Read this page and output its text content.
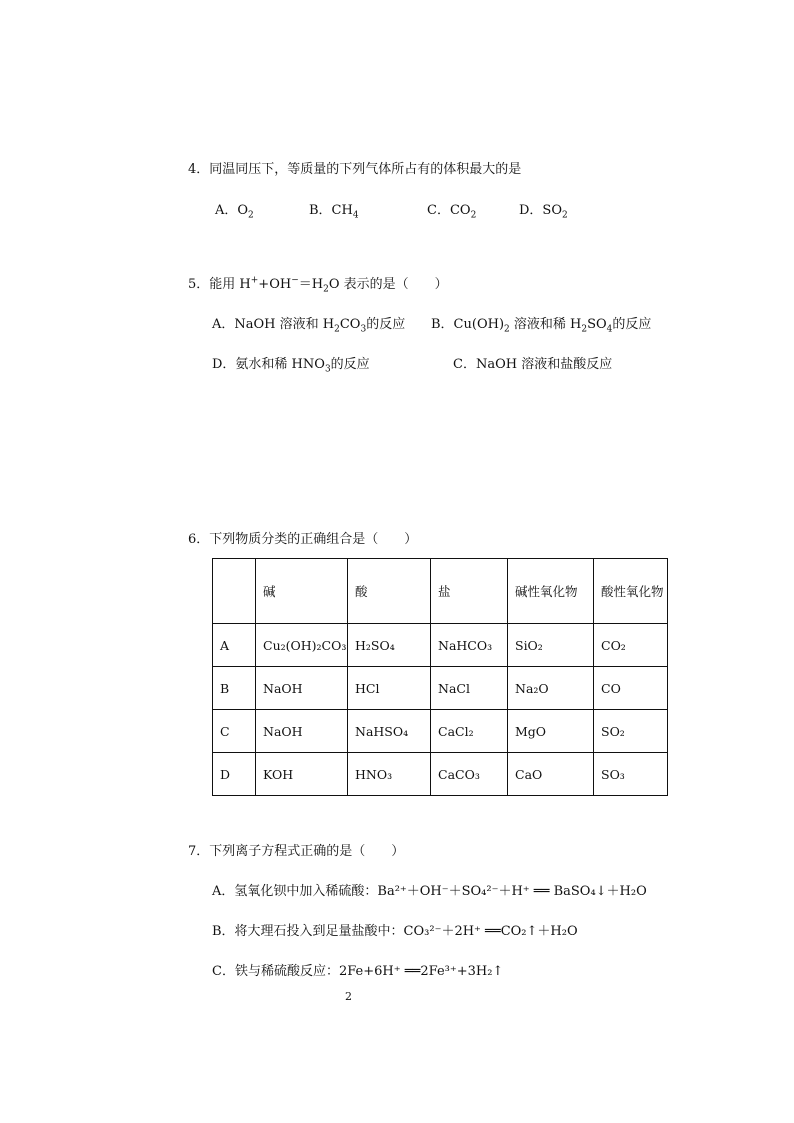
4．同温同压下，等质量的下列气体所占有的体积最大的是
A．$O_2$	B．$CH_4$	C．$CO_2$	D．$SO_2$
5．能用 $H^++OH^-=H_2O$ 表示的是（　　）
A．NaOH 溶液和 $H_2CO_3$的反应 B．$Cu(OH)_2$ 溶液和稀 $H_2SO_4$的反应
D．氨水和稀 $HNO_3$的反应	C．NaOH 溶液和盐酸反应
6．下列物质分类的正确组合是（　　）
	碱	酸	盐	碱性氧化物	酸性氧化物
A	Cu₂(OH)₂CO₃	H₂SO₄	NaHCO₃	SiO₂	CO₂
B	NaOH	HCl	NaCl	Na₂O	CO
C	NaOH	NaHSO₄	CaCl₂	MgO	SO₂
D	KOH	HNO₃	CaCO₃	CaO	SO₃
7．下列离子方程式正确的是（　　）
A．氢氧化钡中加入稀硫酸：Ba²⁺＋OH⁻＋SO₄²⁻＋H⁺ ══ BaSO₄↓＋H₂O
B．将大理石投入到足量盐酸中：CO₃²⁻＋2H⁺ ══CO₂↑＋H₂O
C．铁与稀硫酸反应：2Fe+6H⁺ ══2Fe³⁺+3H₂↑
2
